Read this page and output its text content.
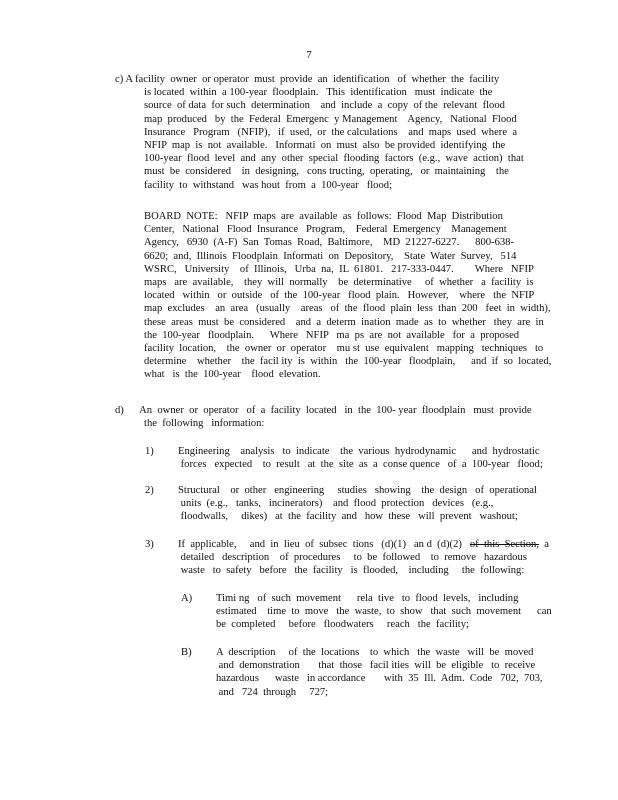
7
c) A facility  owner  or operator  must  provide  an  identification   of  whether  the  facility
is located  within  a 100-year  floodplain.   This  identification   must  indicate  the
source  of data  for such  determination    and  include  a  copy  of the  relevant  flood
map  produced   by  the  Federal  Emergenc  y Management    Agency,   National  Flood
Insurance   Program   (NFIP),   if  used,  or  the calculations    and  maps  used  where  a
NFIP  map  is  not  available.   Informati  on  must  also  be provided  identifying  the
100-year  flood  level  and  any  other  special  flooding  factors  (e.g.,  wave  action)  that
must  be  considered    in  designing,   cons tructing,  operating,   or  maintaining    the
facility  to  withstand   was hout  from  a  100-year   flood;
BOARD  NOTE:   NFIP  maps  are  available  as  follows:  Flood  Map  Distribution
Center,   National   Flood  Insurance   Program,    Federal  Emergency    Management
Agency,   6930  (A-F)  San  Tomas  Road,  Baltimore,    MD  21227-6227.      800-638-
6620;  and,  Illinois  Floodplain  Informati  on  Depository,    State  Water  Survey,   514
WSRC,   University    of  Illinois,   Urba  na,  IL  61801.   217-333-0447.        Where   NFIP
maps   are  available,    they  will  normally    be  determinative     of  whether   a  facility  is
located   within   or  outside   of  the  100-year   flood  plain.   However,    where   the  NFIP
map  excludes    an  area   (usually    areas   of  the  flood  plain  less  than  200   feet  in  width),
these  areas  must  be  considered    and  a  determ  ination  made  as  to  whether   they  are  in
the  100-year   floodplain.      Where   NFIP   ma  ps  are  not  available   for  a  proposed
facility  location,    the  owner  or  operator    mu st  use  equivalent   mapping   techniques   to
determine    whether    the  facil ity  is  within   the  100-year   floodplain,      and  if  so  located,
what   is  the  100-year    flood  elevation.
d) An  owner  or  operator   of  a  facility  located   in  the  100- year  floodplain   must  provide
the  following   information:
1) Engineering    analysis   to  indicate    the  various  hydrodynamic      and  hydrostatic
forces   expected    to  result   at  the  site  as  a  conse quence   of  a  100-year   flood;
2) Structural    or  other   engineering     studies   showing    the  design   of  operational
units  (e.g.,   tanks,   incinerators)    and  flood  protection   devices   (e.g.,
floodwalls,     dikes)   at  the  facility  and   how  these   will  prevent   washout;
3) If  applicable,     and  in  lieu  of  subsec  tions   (d)(1)   an d  (d)(2)   of  this  Section,  a
detailed   description    of  procedures     to  be  followed    to  remove   hazardous
waste   to  safety   before   the  facility   is  flooded,    including     the  following:
A) Timi ng   of  such  movement      rela  tive   to  flood  levels,   including
estimated    time  to  move   the  waste,  to  show   that  such  movement      can
be  completed     before   floodwaters     reach   the  facility;
B) A  description     of  the  locations    to  which   the  waste   will  be  moved
and  demonstration       that  those   facil ities  will  be  eligible   to  receive
hazardous      waste   in accordance       with  35  Ill.  Adm.  Code   702,  703,
and   724  through     727;
